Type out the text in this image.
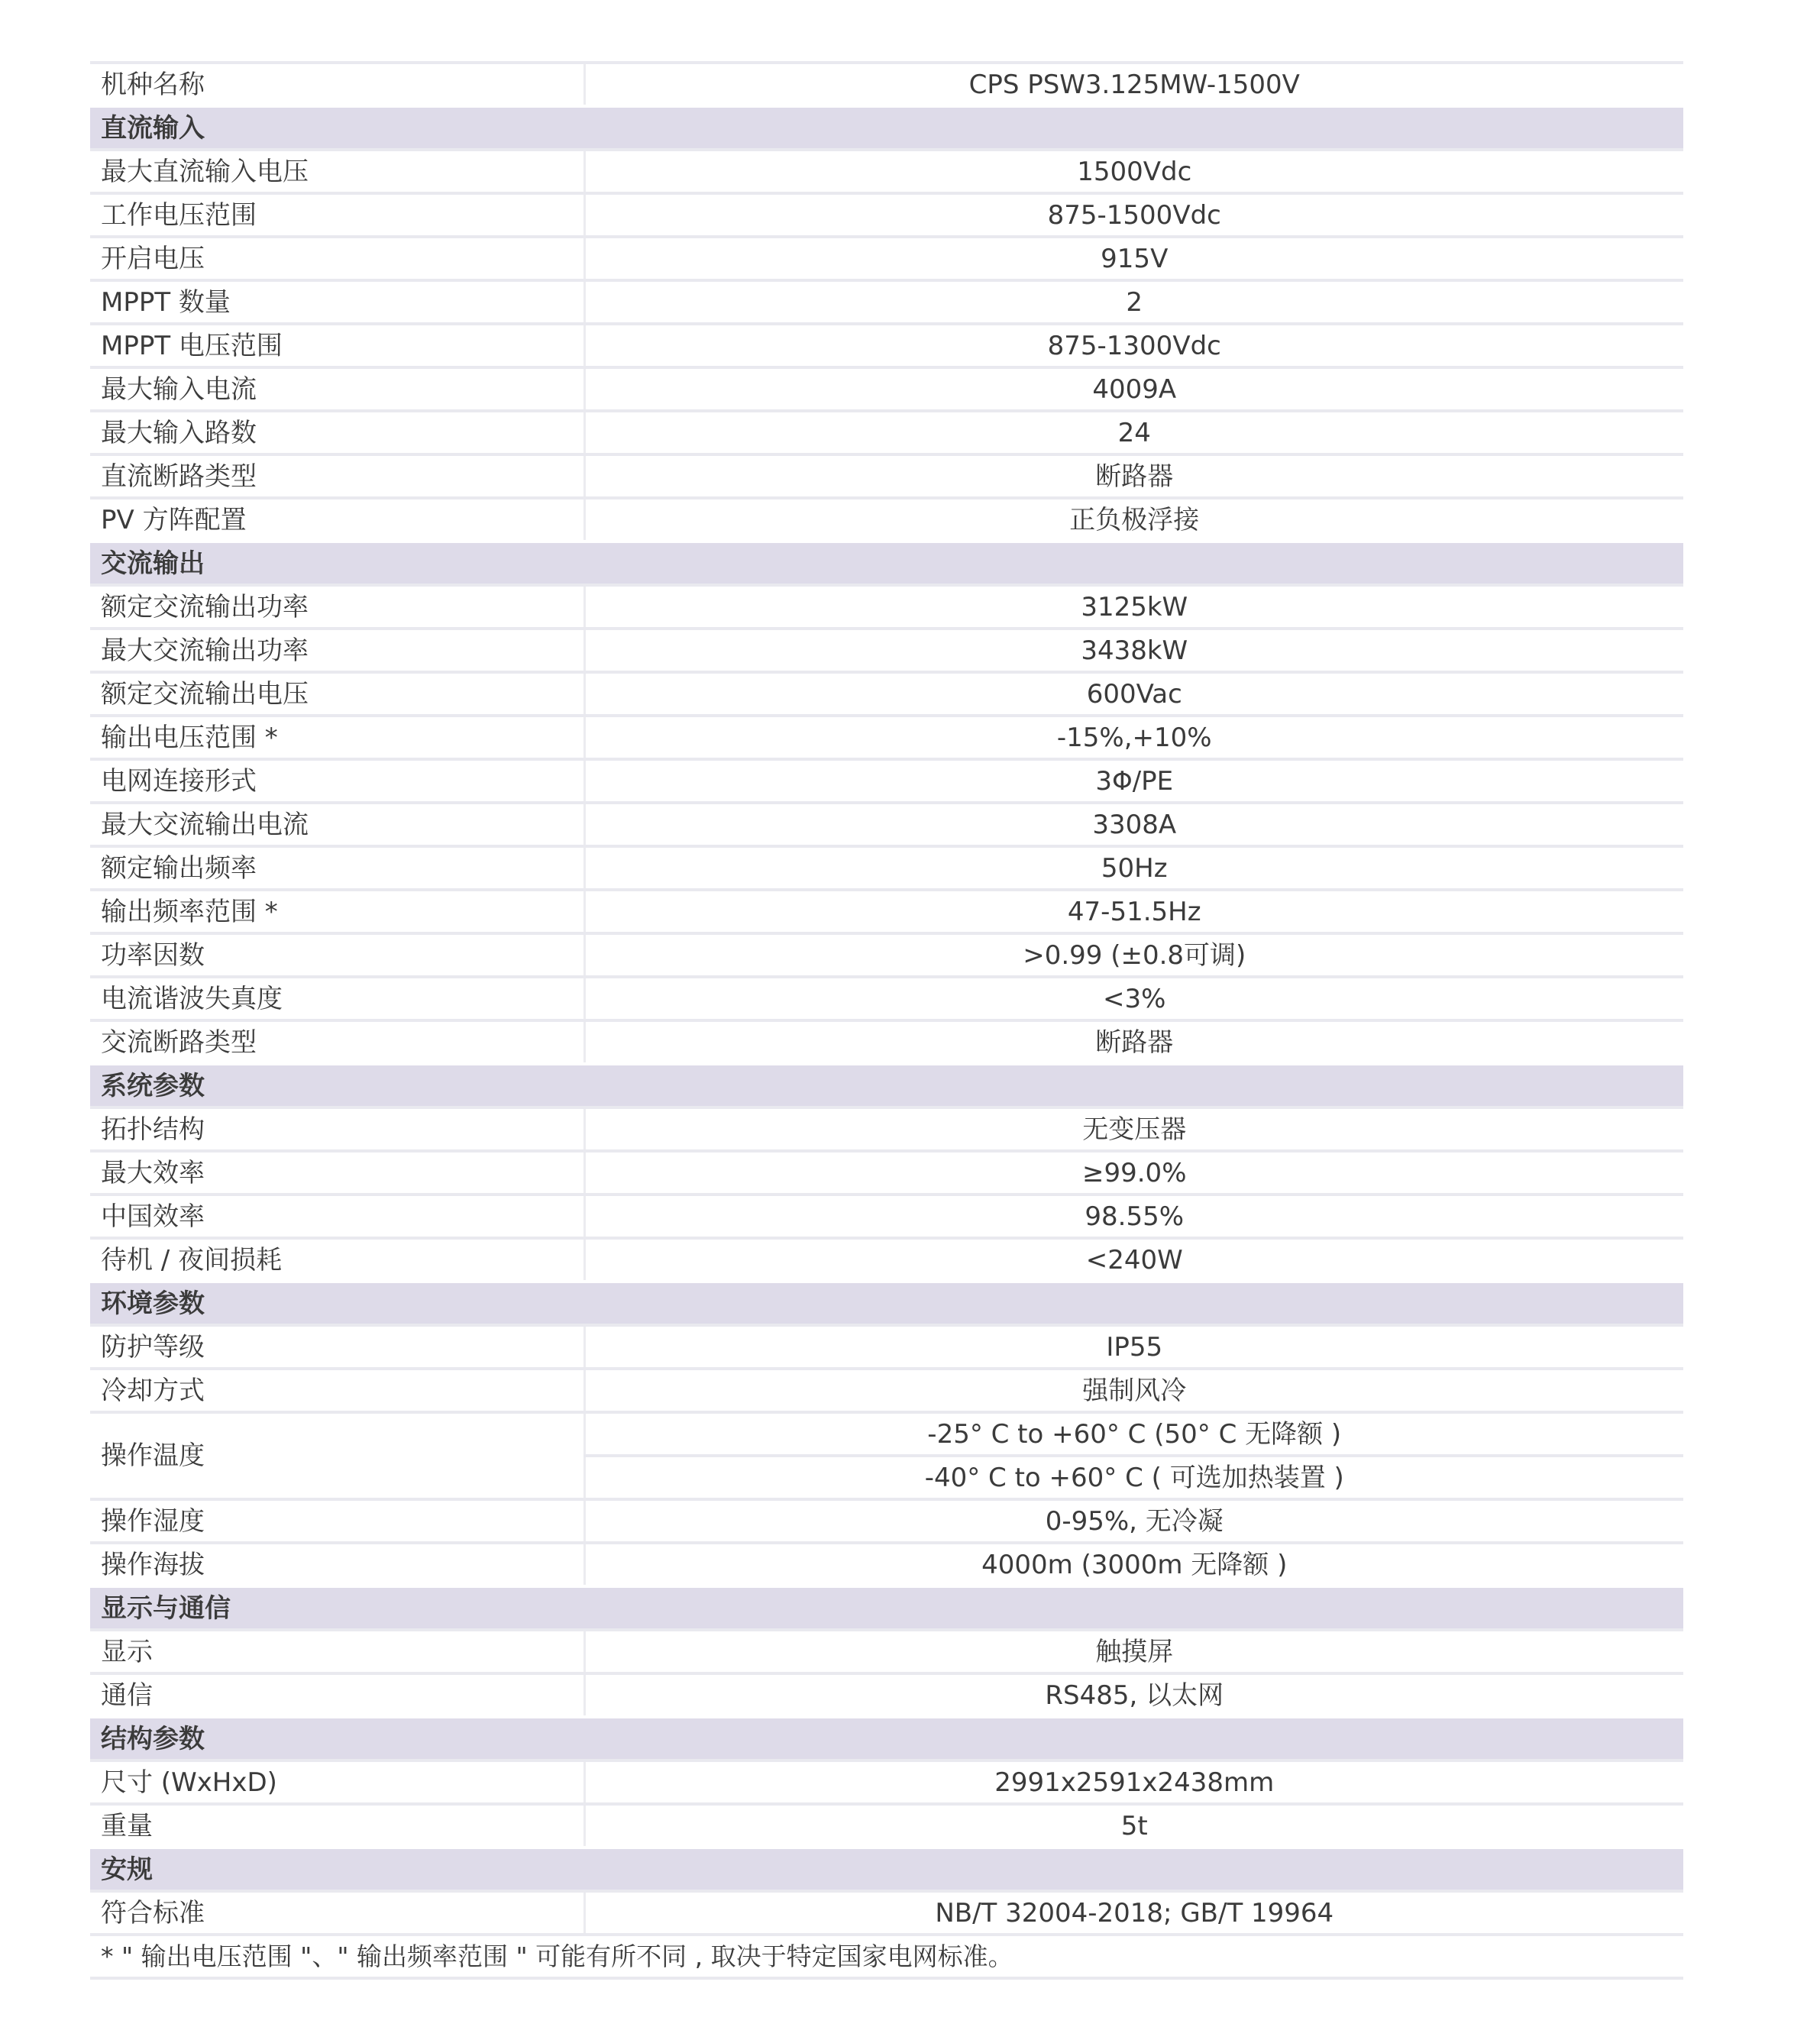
机种名称	CPS PSW3.125MW-1500V
直流输入	
最大直流输入电压	1500Vdc
工作电压范围	875-1500Vdc
开启电压	915V
MPPT 数量	2
MPPT 电压范围	875-1300Vdc
最大输入电流	4009A
最大输入路数	24
直流断路类型	断路器
PV 方阵配置	正负极浮接
交流输出	
额定交流输出功率	3125kW
最大交流输出功率	3438kW
额定交流输出电压	600Vac
输出电压范围 *	-15%,+10%
电网连接形式	3Φ/PE
最大交流输出电流	3308A
额定输出频率	50Hz
输出频率范围 *	47-51.5Hz
功率因数	>0.99 (±0.8可调)
电流谐波失真度	<3%
交流断路类型	断路器
系统参数	
拓扑结构	无变压器
最大效率	≥99.0%
中国效率	98.55%
待机 / 夜间损耗	<240W
环境参数	
防护等级	IP55
冷却方式	强制风冷
操作温度	-25° C to +60° C (50° C 无降额 )
	-40° C to +60° C ( 可选加热装置 )
操作湿度	0-95%, 无冷凝
操作海拔	4000m (3000m 无降额 )
显示与通信	
显示	触摸屏
通信	RS485, 以太网
结构参数	
尺寸 (WxHxD)	2991x2591x2438mm
重量	5t
安规	
符合标准	NB/T 32004-2018; GB/T 19964
* " 输出电压范围 "、" 输出频率范围 " 可能有所不同 , 取决于特定国家电网标准。	
